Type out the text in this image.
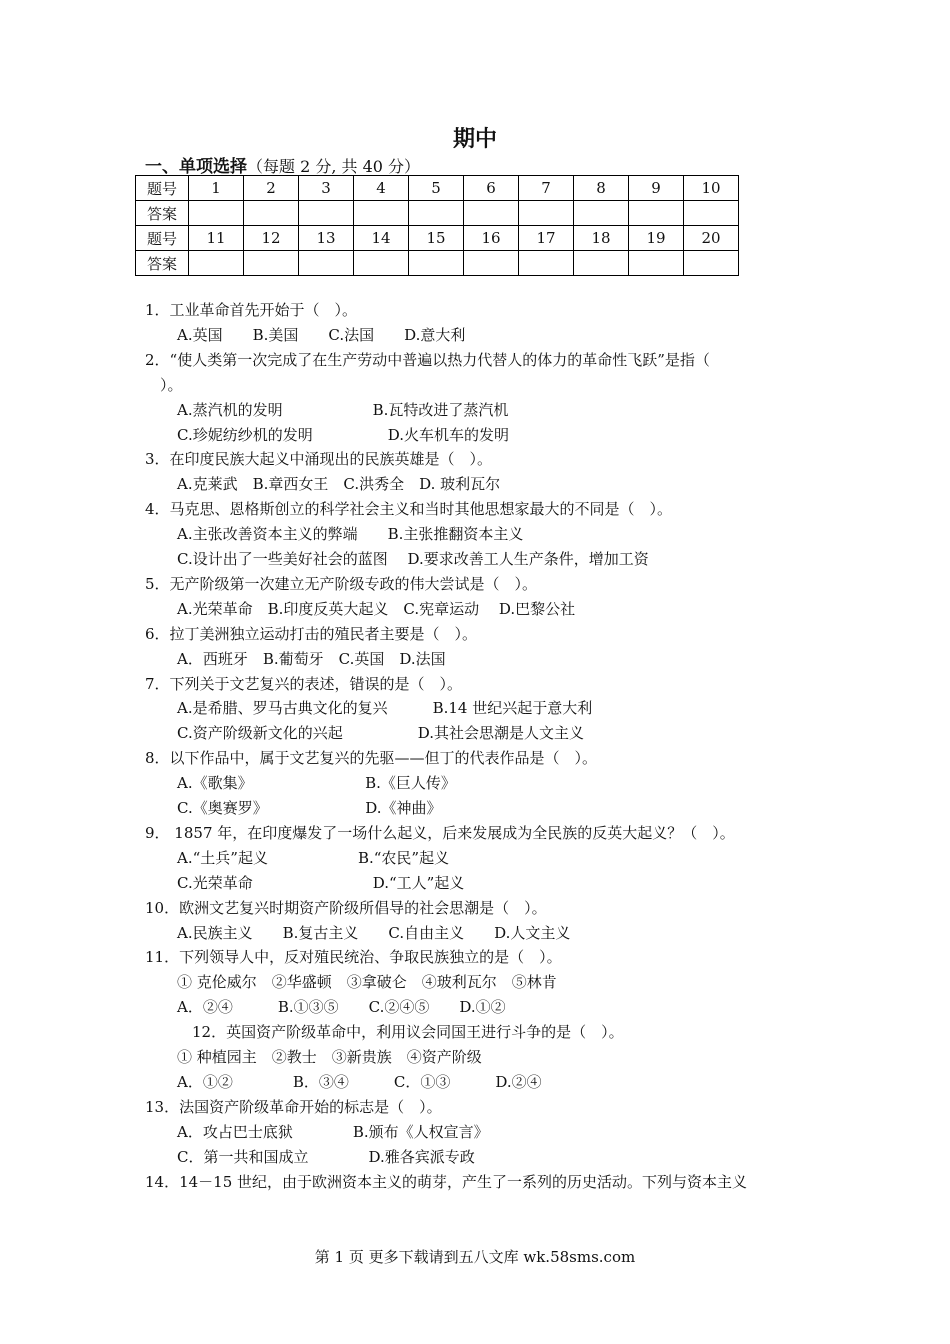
期中
一、单项选择（每题 2 分, 共 40 分）
题号	1	2	3	4	5	6	7	8	9	10
答案										
题号	11	12	13	14	15	16	17	18	19	20
答案										
1．工业革命首先开始于（　）。
A.英国　　B.美国　　C.法国　　D.意大利
2．“使人类第一次完成了在生产劳动中普遍以热力代替人的体力的革命性飞跃”是指（
）。
A.蒸汽机的发明　　　　　　B.瓦特改进了蒸汽机
C.珍妮纺纱机的发明　　　　　D.火车机车的发明
3．在印度民族大起义中涌现出的民族英雄是（　）。
A.克莱武　B.章西女王　C.洪秀全　D. 玻利瓦尔
4．马克思、恩格斯创立的科学社会主义和当时其他思想家最大的不同是（　）。
A.主张改善资本主义的弊端　　B.主张推翻资本主义
C.设计出了一些美好社会的蓝图　 D.要求改善工人生产条件，增加工资
5．无产阶级第一次建立无产阶级专政的伟大尝试是（　）。
A.光荣革命　B.印度反英大起义　C.宪章运动　 D.巴黎公社
6．拉丁美洲独立运动打击的殖民者主要是（　）。
A．西班牙　B.葡萄牙　C.英国　D.法国
7．下列关于文艺复兴的表述，错误的是（　）。
A.是希腊、罗马古典文化的复兴　　　B.14 世纪兴起于意大利
C.资产阶级新文化的兴起　　　　　D.其社会思潮是人文主义
8．以下作品中，属于文艺复兴的先驱——但丁的代表作品是（　）。
A.《歌集》　　　　　　　　B.《巨人传》
C.《奥赛罗》　　　　　　　D.《神曲》
9． 1857 年，在印度爆发了一场什么起义，后来发展成为全民族的反英大起义？（　）。
A.“土兵”起义　　　　　　B.“农民”起义
C.光荣革命　　　　　　　　D.“工人”起义
10．欧洲文艺复兴时期资产阶级所倡导的社会思潮是（　）。
A.民族主义　　B.复古主义　　C.自由主义　　D.人文主义
11．下列领导人中，反对殖民统治、争取民族独立的是（　）。
① 克伦威尔　②华盛顿　③拿破仑　④玻利瓦尔　⑤林肯
A．②④　　　B.①③⑤　　C.②④⑤　　D.①②
　12．英国资产阶级革命中，利用议会同国王进行斗争的是（　）。
① 种植园主　②教士　③新贵族　④资产阶级
A．①②　　　　B．③④　　　C．①③　　　D.②④
13．法国资产阶级革命开始的标志是（　）。
A．攻占巴士底狱　　　　B.颁布《人权宣言》
C．第一共和国成立　　　　D.雅各宾派专政
14．14－15 世纪，由于欧洲资本主义的萌芽，产生了一系列的历史活动。下列与资本主义
第 1 页 更多下载请到五八文库 wk.58sms.com
